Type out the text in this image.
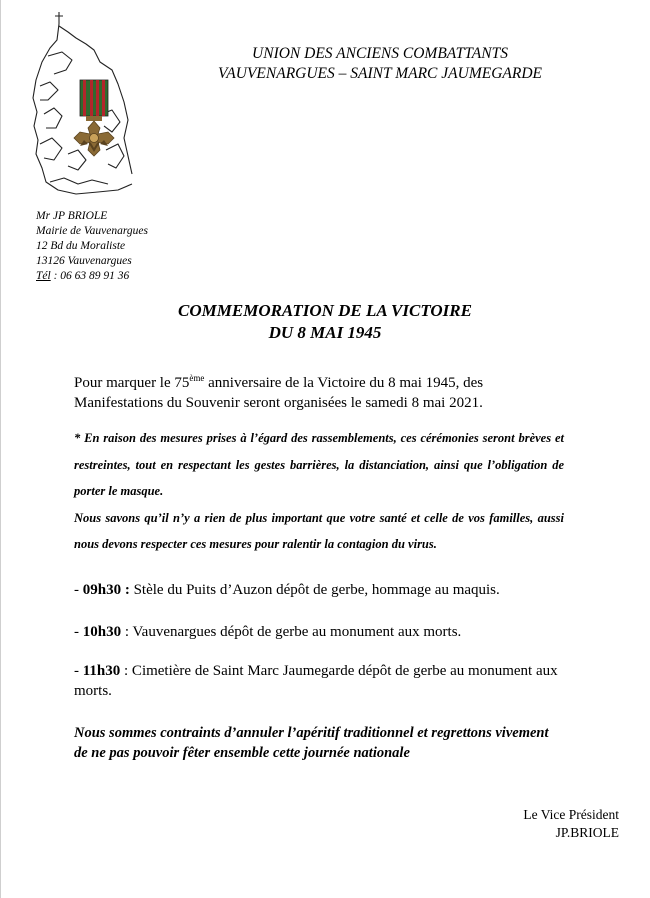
UNION DES ANCIENS COMBATTANTS
VAUVENARGUES – SAINT MARC JAUMEGARDE
Mr JP BRIOLE
Mairie de Vauvenargues
12 Bd du Moraliste
13126 Vauvenargues
Tél : 06 63 89 91 36
COMMEMORATION DE LA VICTOIRE
DU 8 MAI 1945
Pour marquer le 75ème anniversaire de la Victoire du 8 mai 1945, des Manifestations du Souvenir seront organisées le samedi 8 mai 2021.

* En raison des mesures prises à l’égard des rassemblements, ces cérémonies seront brèves et restreintes, tout en respectant les gestes barrières, la distanciation, ainsi que l’obligation de porter le masque.

Nous savons qu’il n’y a rien de plus important que votre santé et celle de vos familles, aussi nous devons respecter ces mesures pour ralentir la contagion du virus.

- 09h30 : Stèle du Puits d’Auzon dépôt de gerbe, hommage au maquis.
- 10h30 : Vauvenargues dépôt de gerbe au monument aux morts.
- 11h30 : Cimetière de Saint Marc Jaumegarde dépôt de gerbe au monument aux morts.
Nous sommes contraints d’annuler l’apéritif traditionnel et regrettons vivement de ne pas pouvoir fêter ensemble cette journée nationale
Le Vice Président
JP.BRIOLE
